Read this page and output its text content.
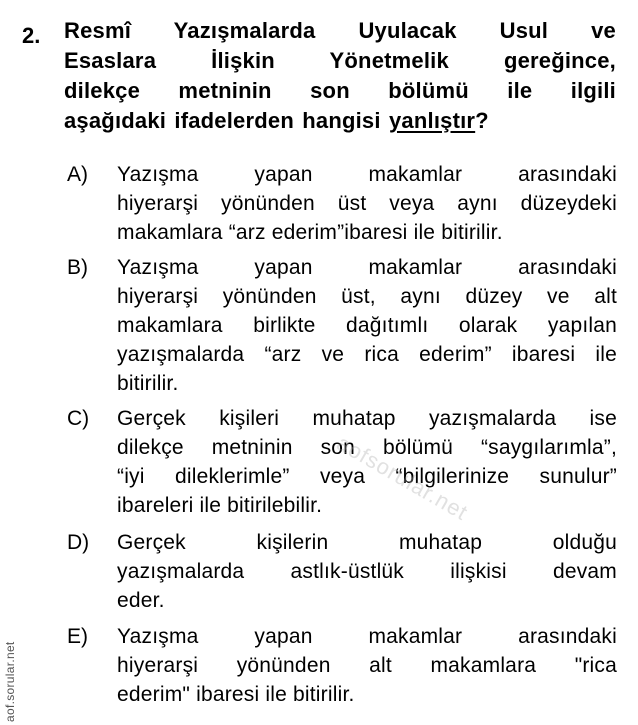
2. Resmî Yazışmalarda Uyulacak Usul ve
Esaslara İlişkin Yönetmelik gereğince,
dilekçe metninin son bölümü ile ilgili
aşağıdaki ifadelerden hangisi yanlıştır?
A)	Yazışma yapan makamlar arasındaki
hiyerarşi yönünden üst veya aynı düzeydeki
makamlara “arz ederim”ibaresi ile bitirilir.
B)	Yazışma yapan makamlar arasındaki
hiyerarşi yönünden üst, aynı düzey ve alt
makamlara birlikte dağıtımlı olarak yapılan
yazışmalarda “arz ve rica ederim” ibaresi ile
bitirilir.
C)	Gerçek kişileri muhatap yazışmalarda ise
dilekçe metninin son bölümü “saygılarımla”,
“iyi dileklerimle” veya “bilgilerinize sunulur”
ibareleri ile bitirilebilir.
D)	Gerçek kişilerin muhatap olduğu
yazışmalarda astlık-üstlük ilişkisi devam
eder.
E)	Yazışma yapan makamlar arasındaki
hiyerarşi yönünden alt makamlara "rica
ederim" ibaresi ile bitirilir.
aofsorular.net
aof.sorular.net
